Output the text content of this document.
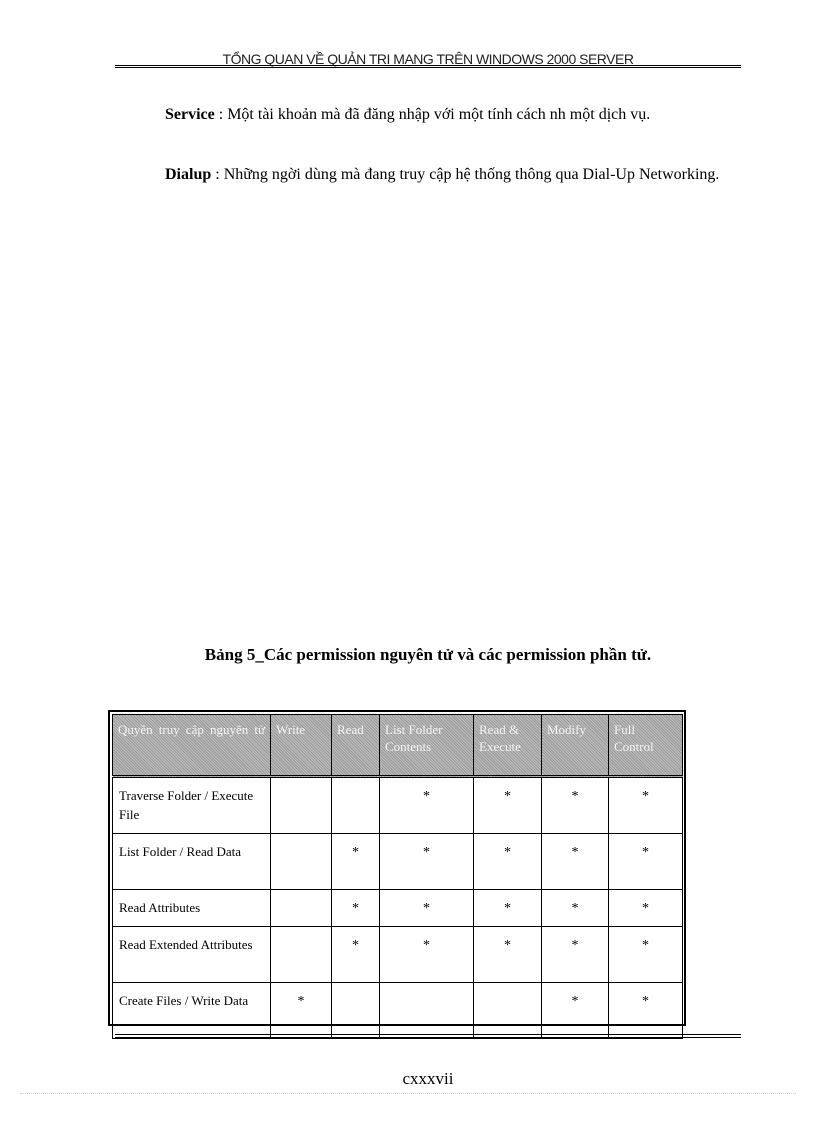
TỔNG QUAN VỀ QUẢN TRỊ MẠNG TRÊN WINDOWS 2000 SERVER

Service : Một tài khoản mà đã đăng nhập với một tính cách nh một dịch vụ.

Dialup : Những ngời dùng mà đang truy cập hệ thống thông qua Dial-Up Networking.

Bảng 5_Các permission nguyên tử và các permission phần tử.
Quyền truy cập nguyên tử	Write	Read	List Folder Contents	Read & Execute	Modify	Full Control
Traverse Folder / Execute File			*	*	*	*
List Folder / Read Data		*	*	*	*	*
Read Attributes		*	*	*	*	*
Read Extended Attributes		*	*	*	*	*
Create Files / Write Data	*				*	*
cxxxvii
